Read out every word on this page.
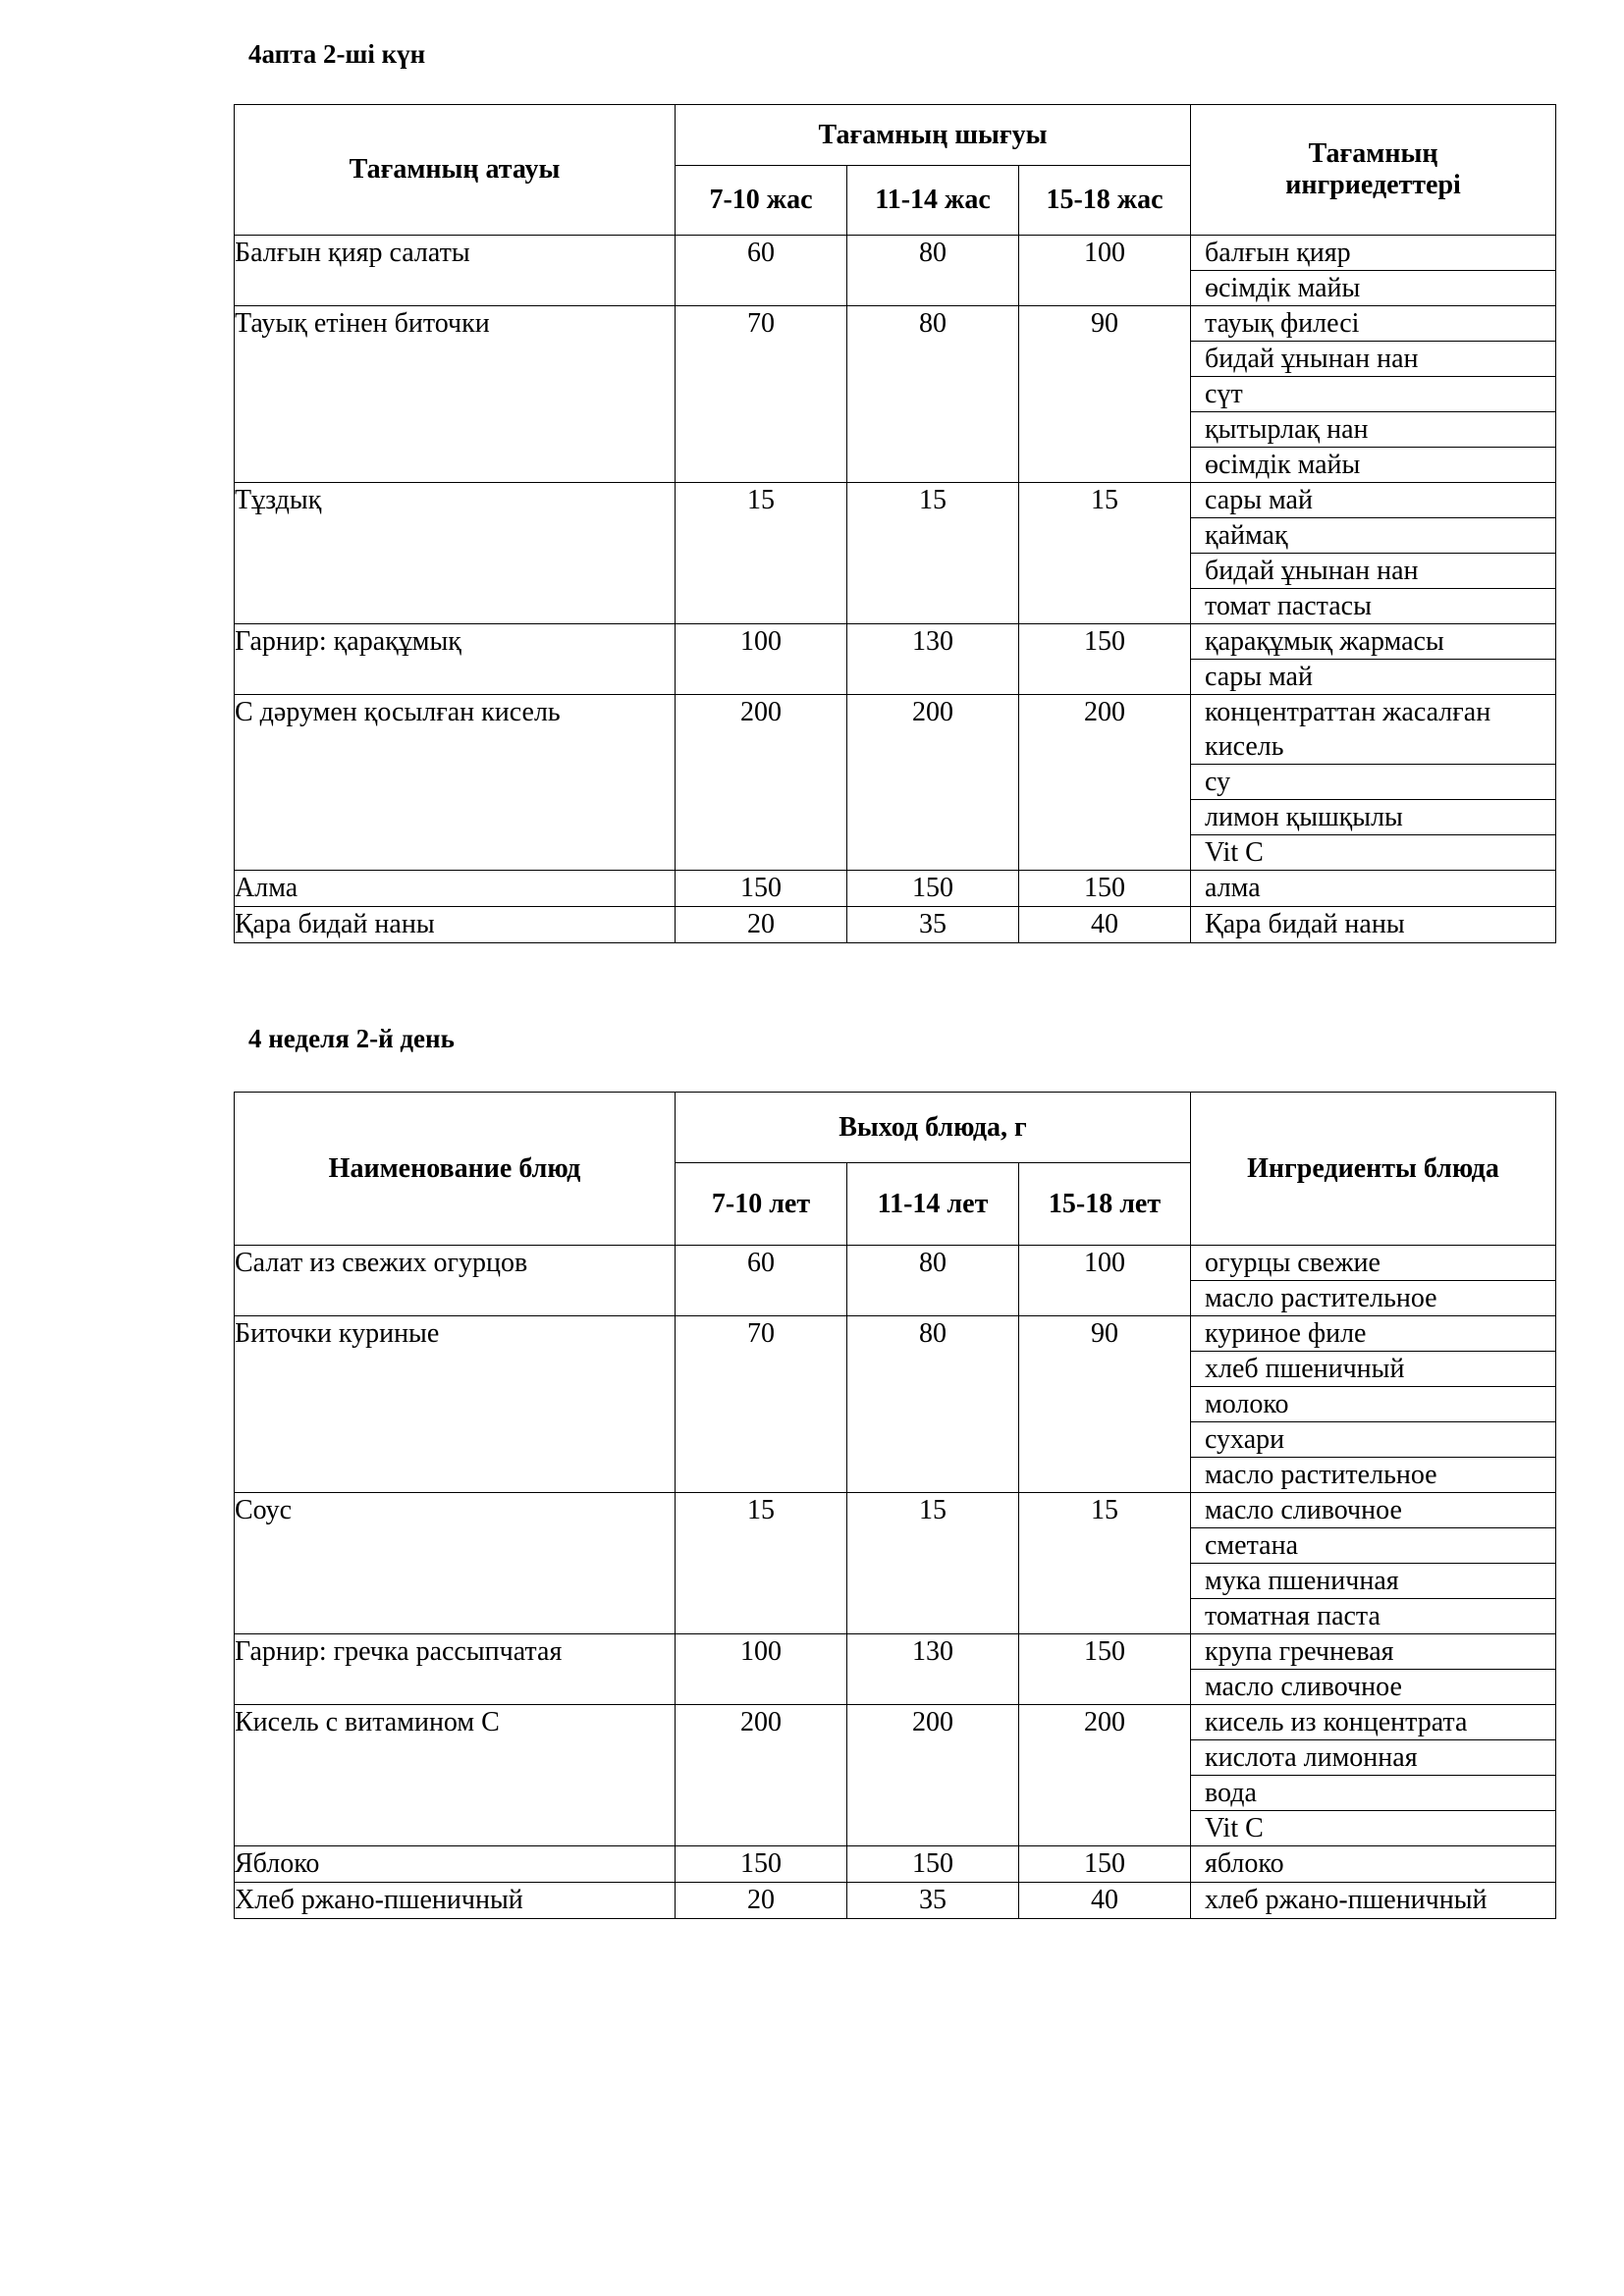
4апта 2-ші күн
Тағамның атауы	Тағамның шығуы			Тағамның
ингриедеттері

	7-10 жас	11-14 жас	15-18 жас	
Балғын қияр салаты	60	80	100	балғын қияр
өсімдік майы

Тауық етінен биточки	70	80	90	тауық филесі
бидай ұнынан нан
сүт
қытырлақ нан
өсімдік майы

Тұздық	15	15	15	сары май
қаймақ
бидай ұнынан нан
томат пастасы

Гарнир: қарақұмық	100	130	150	қарақұмық жармасы
сары май

С дәрумен қосылған кисель	200	200	200	концентраттан жасалған кисель
су
лимон қышқылы
Vit C

Алма	150	150	150	алма

Қара бидай наны	20	35	40	Қара бидай наны
4 неделя 2-й день
Наименование блюд	Выход блюда, г			Ингредиенты блюда
	7-10 лет	11-14 лет	15-18 лет	
Салат из свежих огурцов	60	80	100	огурцы свежие
масло растительное

Биточки куриные	70	80	90	куриное филе
хлеб пшеничный
молоко
сухари
масло растительное

Соус	15	15	15	масло сливочное
сметана
мука пшеничная
томатная паста

Гарнир: гречка рассыпчатая	100	130	150	крупа гречневая
масло сливочное

Кисель с витамином С	200	200	200	кисель из концентрата
кислота лимонная
вода
Vit C

Яблоко	150	150	150	яблоко

Хлеб ржано-пшеничный	20	35	40	хлеб ржано-пшеничный
